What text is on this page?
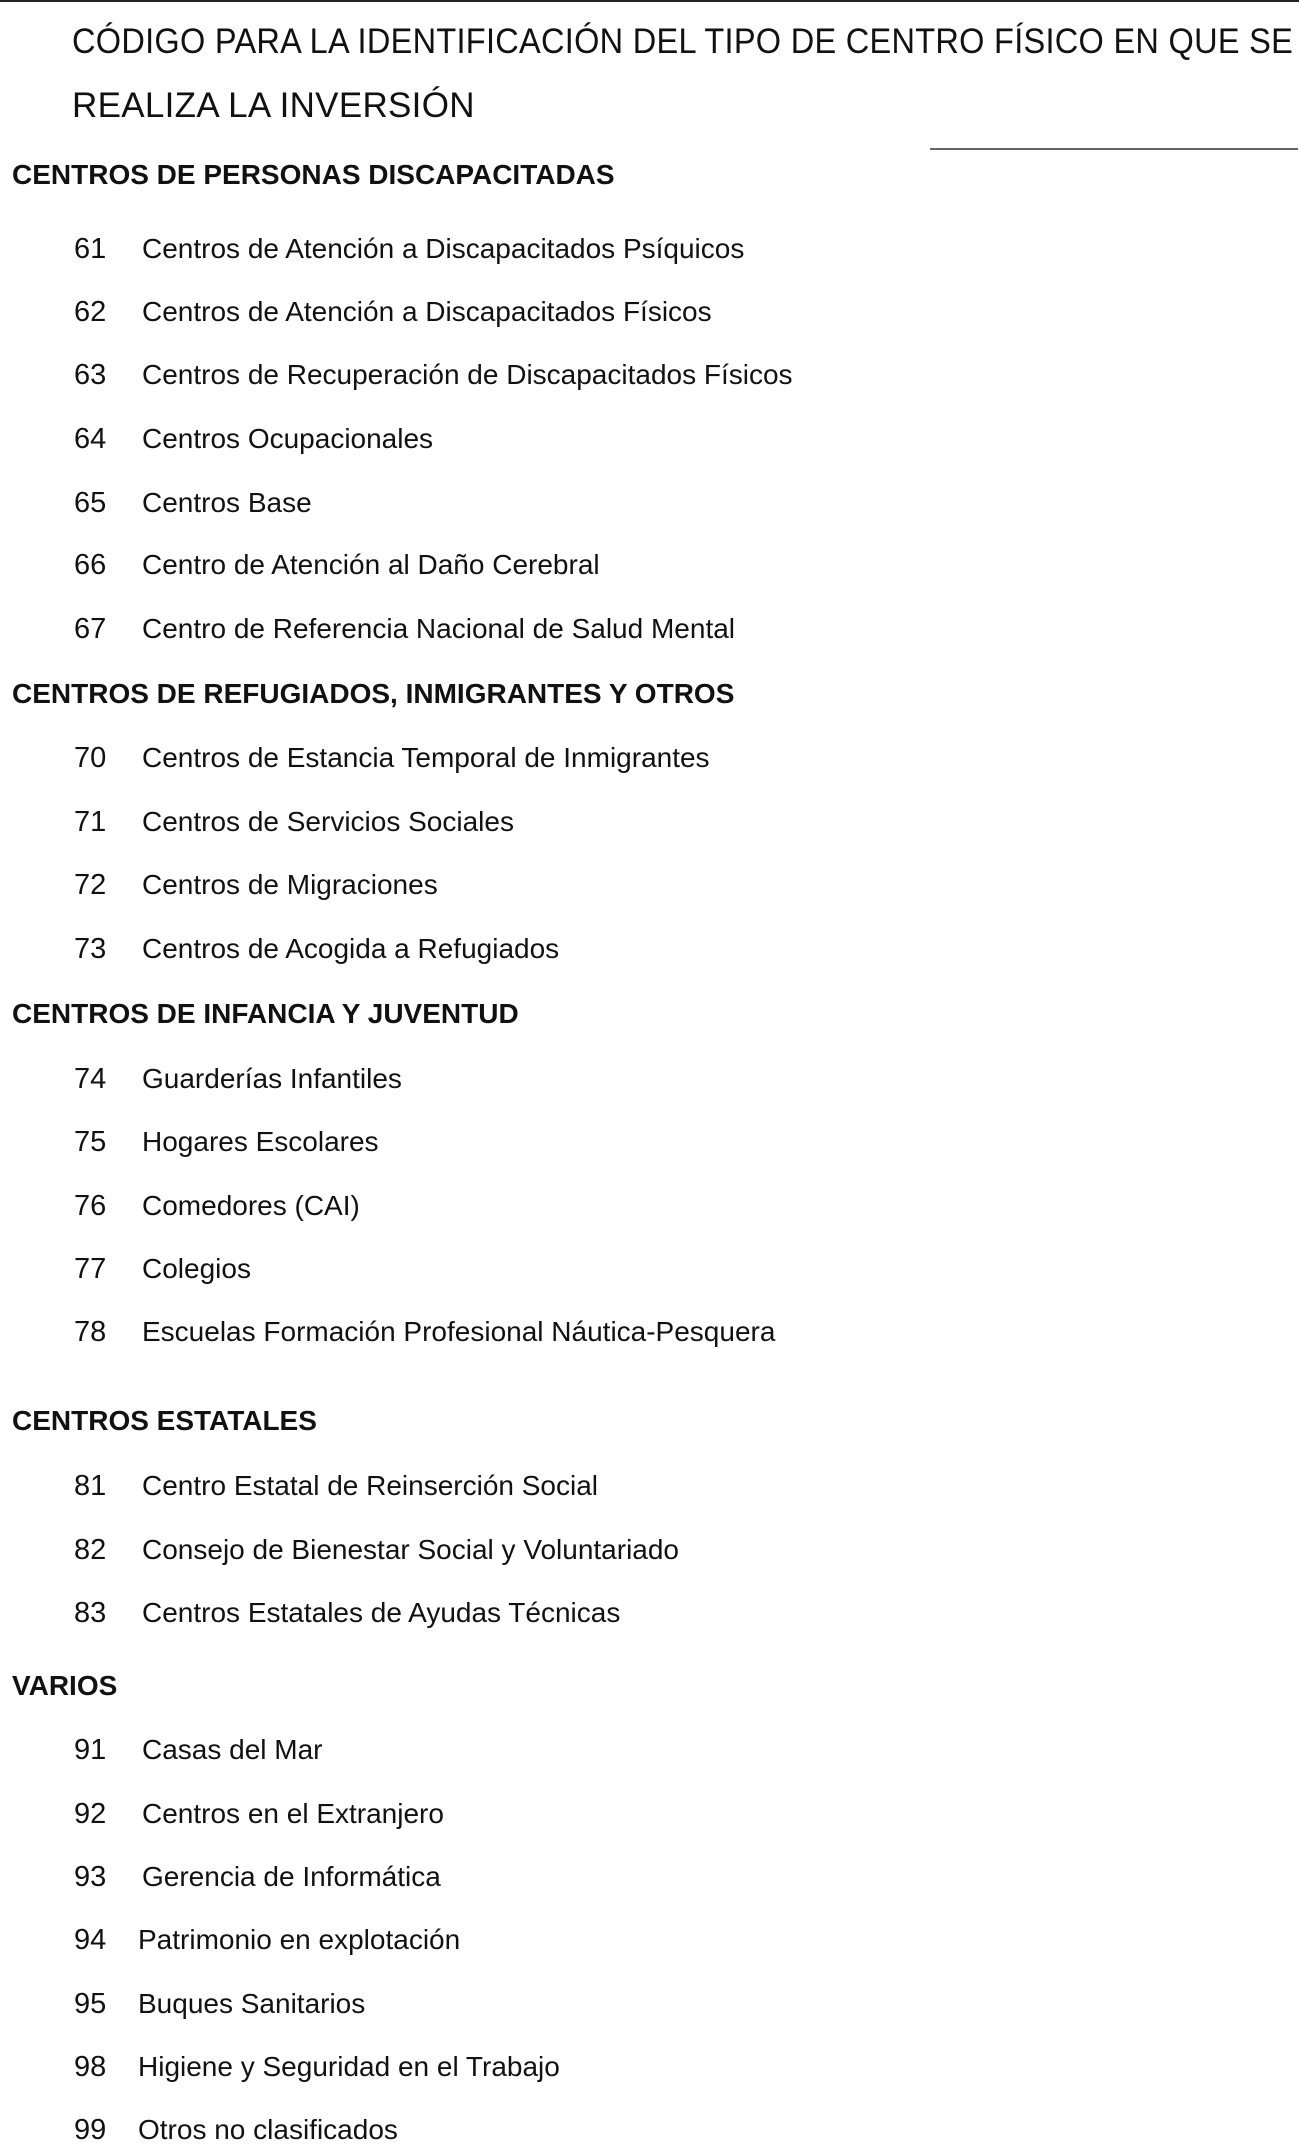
CÓDIGO PARA LA IDENTIFICACIÓN DEL TIPO DE CENTRO FÍSICO EN QUE SE
REALIZA LA INVERSIÓN
CENTROS DE PERSONAS DISCAPACITADAS
61	Centros de Atención a Discapacitados Psíquicos
62	Centros de Atención a Discapacitados Físicos
63	Centros de Recuperación de Discapacitados Físicos
64	Centros Ocupacionales
65	Centros Base
66	Centro de Atención al Daño Cerebral
67	Centro de Referencia Nacional de Salud Mental
CENTROS DE REFUGIADOS, INMIGRANTES Y OTROS
70	Centros de Estancia Temporal de Inmigrantes
71	Centros de Servicios Sociales
72	Centros de Migraciones
73	Centros de Acogida a Refugiados
CENTROS DE INFANCIA Y JUVENTUD
74	Guarderías Infantiles
75	Hogares Escolares
76	Comedores (CAI)
77	Colegios
78	Escuelas Formación Profesional Náutica-Pesquera
CENTROS ESTATALES
81	Centro Estatal de Reinserción Social
82	Consejo de Bienestar Social y Voluntariado
83	Centros Estatales de Ayudas Técnicas
VARIOS
91	Casas del Mar
92	Centros en el Extranjero
93	Gerencia de Informática
94	Patrimonio en explotación
95	Buques Sanitarios
98	Higiene y Seguridad en el Trabajo
99	Otros no clasificados
